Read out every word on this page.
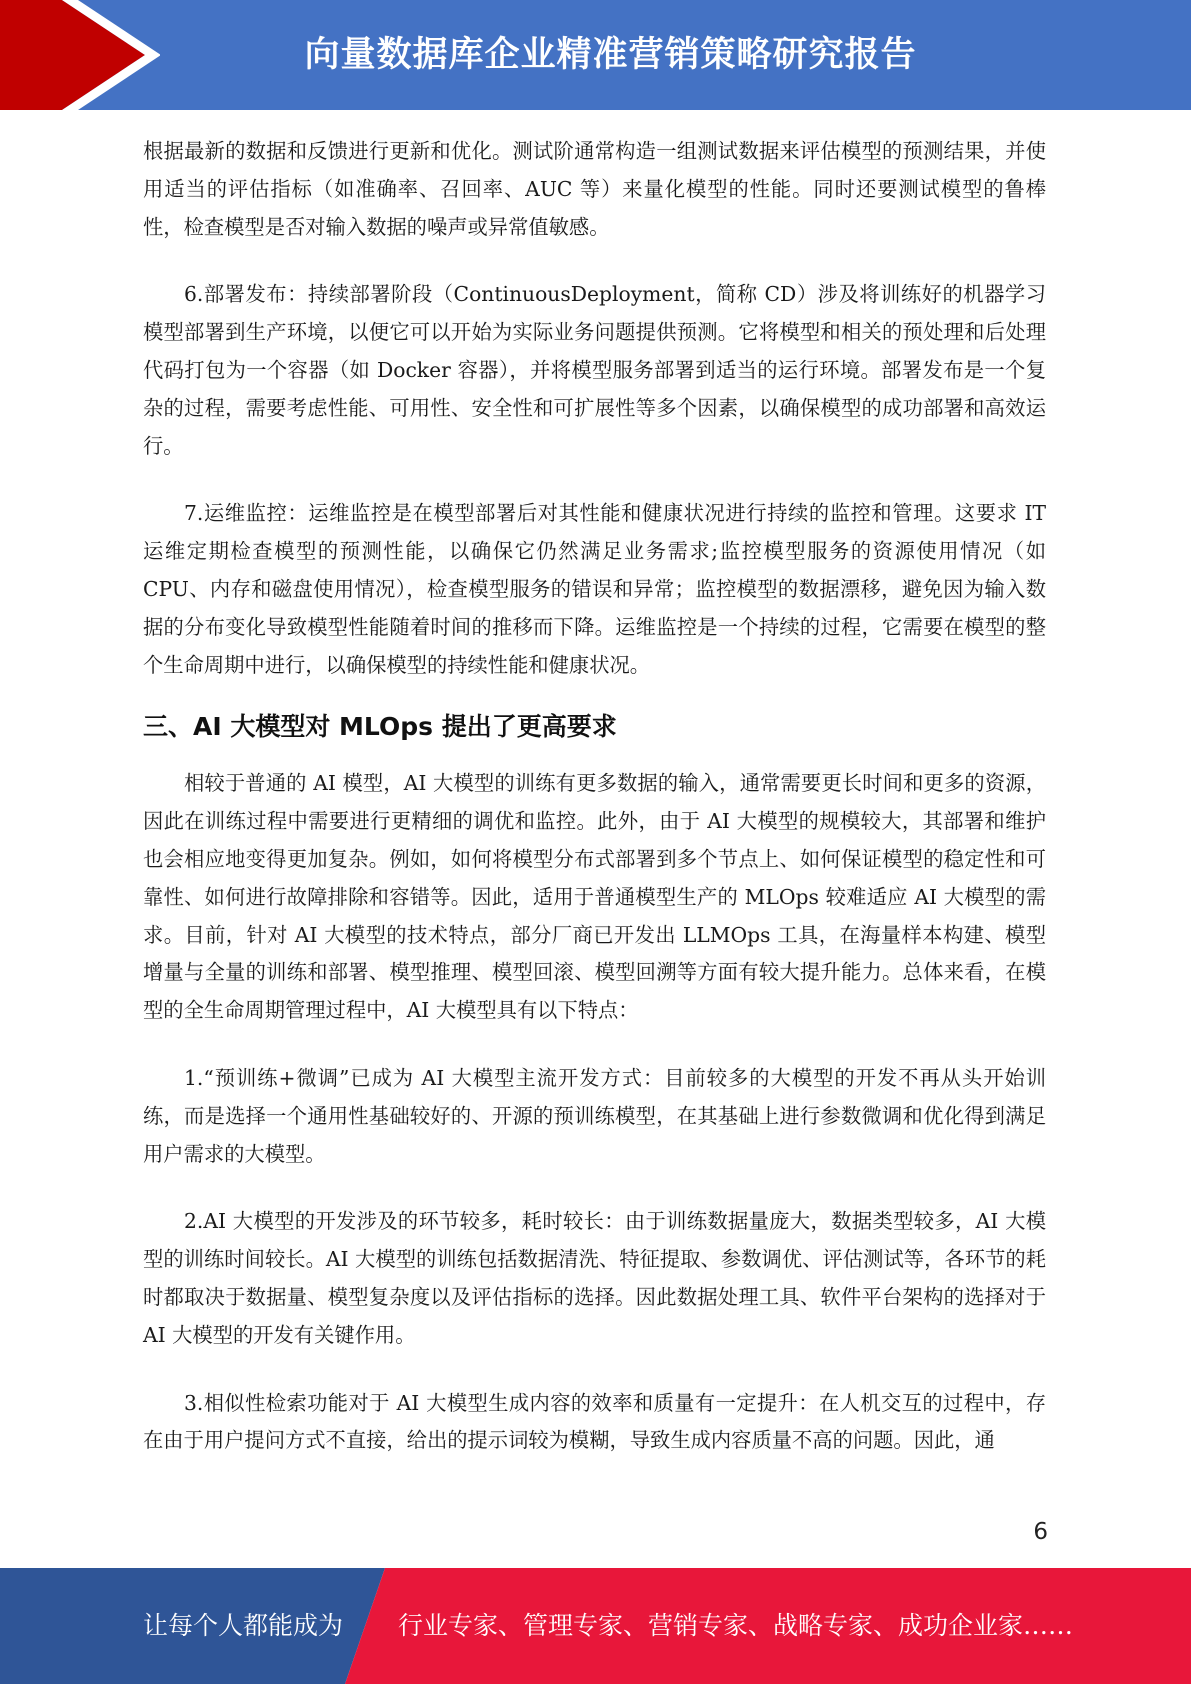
向量数据库企业精准营销策略研究报告

根据最新的数据和反馈进行更新和优化。测试阶通常构造一组测试数据来评估模型的预测结果，并使用适当的评估指标（如准确率、召回率、AUC 等）来量化模型的性能。同时还要测试模型的鲁棒性，检查模型是否对输入数据的噪声或异常值敏感。

6.部署发布：持续部署阶段（ContinuousDeployment，简称 CD）涉及将训练好的机器学习模型部署到生产环境，以便它可以开始为实际业务问题提供预测。它将模型和相关的预处理和后处理代码打包为一个容器（如 Docker 容器），并将模型服务部署到适当的运行环境。部署发布是一个复杂的过程，需要考虑性能、可用性、安全性和可扩展性等多个因素，以确保模型的成功部署和高效运行。

7.运维监控：运维监控是在模型部署后对其性能和健康状况进行持续的监控和管理。这要求 IT 运维定期检查模型的预测性能，以确保它仍然满足业务需求;监控模型服务的资源使用情况（如 CPU、内存和磁盘使用情况），检查模型服务的错误和异常；监控模型的数据漂移，避免因为输入数据的分布变化导致模型性能随着时间的推移而下降。运维监控是一个持续的过程，它需要在模型的整个生命周期中进行，以确保模型的持续性能和健康状况。

三、AI 大模型对 MLOps 提出了更高要求

相较于普通的 AI 模型，AI 大模型的训练有更多数据的输入，通常需要更长时间和更多的资源，因此在训练过程中需要进行更精细的调优和监控。此外，由于 AI 大模型的规模较大，其部署和维护也会相应地变得更加复杂。例如，如何将模型分布式部署到多个节点上、如何保证模型的稳定性和可靠性、如何进行故障排除和容错等。因此，适用于普通模型生产的 MLOps 较难适应 AI 大模型的需求。目前，针对 AI 大模型的技术特点，部分厂商已开发出 LLMOps 工具，在海量样本构建、模型增量与全量的训练和部署、模型推理、模型回滚、模型回溯等方面有较大提升能力。总体来看，在模型的全生命周期管理过程中，AI 大模型具有以下特点：

1.“预训练+微调”已成为 AI 大模型主流开发方式：目前较多的大模型的开发不再从头开始训练，而是选择一个通用性基础较好的、开源的预训练模型，在其基础上进行参数微调和优化得到满足用户需求的大模型。

2.AI 大模型的开发涉及的环节较多，耗时较长：由于训练数据量庞大，数据类型较多，AI 大模型的训练时间较长。AI 大模型的训练包括数据清洗、特征提取、参数调优、评估测试等，各环节的耗时都取决于数据量、模型复杂度以及评估指标的选择。因此数据处理工具、软件平台架构的选择对于 AI 大模型的开发有关键作用。

3.相似性检索功能对于 AI 大模型生成内容的效率和质量有一定提升：在人机交互的过程中，存在由于用户提问方式不直接，给出的提示词较为模糊，导致生成内容质量不高的问题。因此，通

6
让每个人都能成为 行业专家、管理专家、营销专家、战略专家、成功企业家……
